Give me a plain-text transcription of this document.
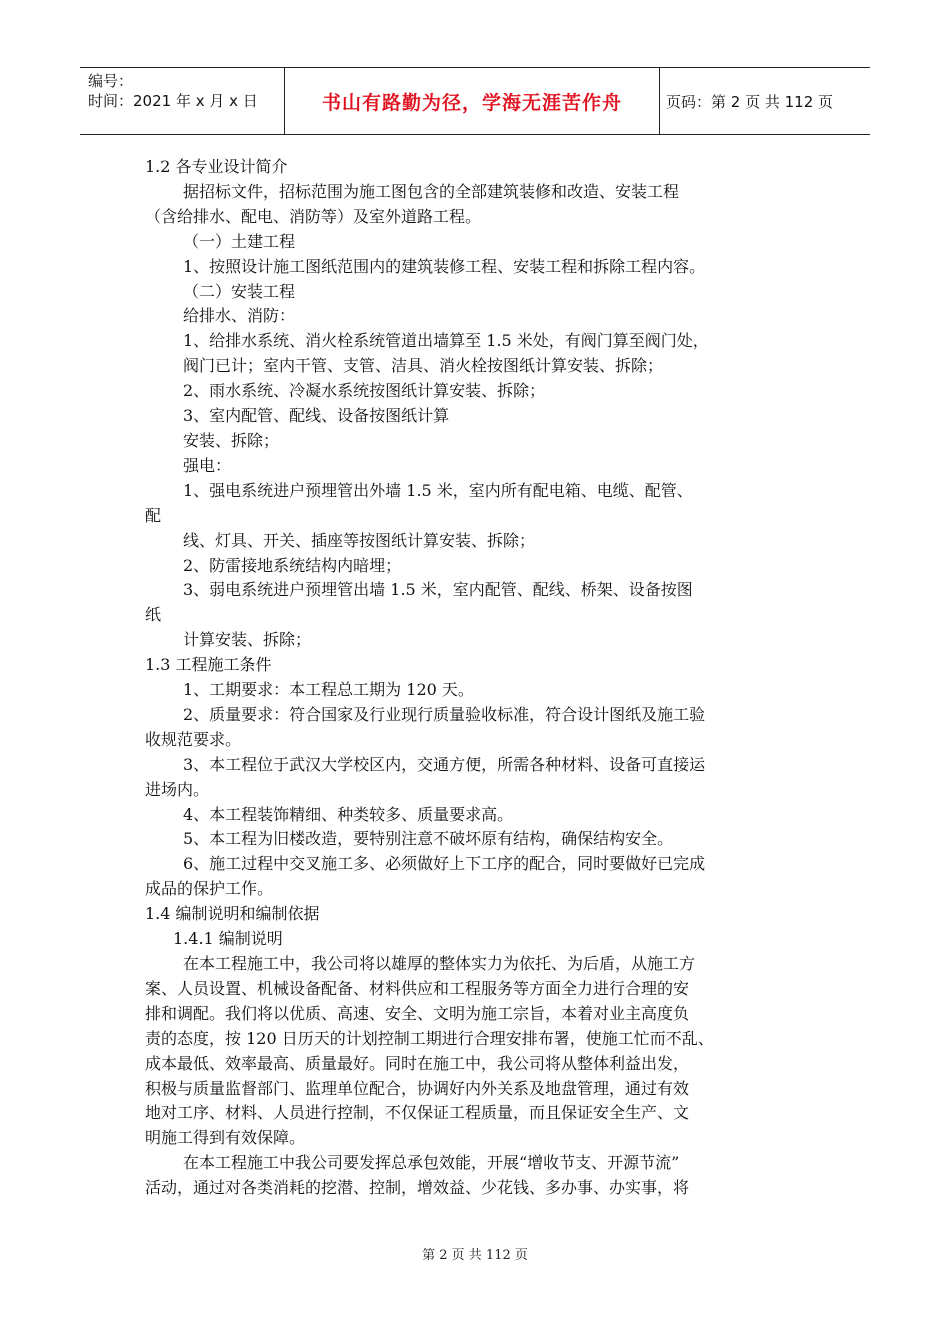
编号：
时间：2021 年 x 月 x 日	书山有路勤为径，学海无涯苦作舟	页码：第 2 页 共 112 页

1.2 各专业设计简介

据招标文件，招标范围为施工图包含的全部建筑装修和改造、安装工程

（含给排水、配电、消防等）及室外道路工程。

（一）土建工程

1、按照设计施工图纸范围内的建筑装修工程、安装工程和拆除工程内容。

（二）安装工程

给排水、消防：

1、给排水系统、消火栓系统管道出墙算至 1.5 米处，有阀门算至阀门处，

阀门已计；室内干管、支管、洁具、消火栓按图纸计算安装、拆除；

2、雨水系统、冷凝水系统按图纸计算安装、拆除；

3、室内配管、配线、设备按图纸计算

安装、拆除；

强电：

1、强电系统进户预埋管出外墙 1.5 米，室内所有配电箱、电缆、配管、

配

线、灯具、开关、插座等按图纸计算安装、拆除；

2、防雷接地系统结构内暗埋；

3、弱电系统进户预埋管出墙 1.5 米，室内配管、配线、桥架、设备按图

纸

计算安装、拆除；

1.3 工程施工条件

1、工期要求：本工程总工期为 120 天。

2、质量要求：符合国家及行业现行质量验收标准，符合设计图纸及施工验

收规范要求。

3、本工程位于武汉大学校区内，交通方便，所需各种材料、设备可直接运

进场内。

4、本工程装饰精细、种类较多、质量要求高。

5、本工程为旧楼改造，要特别注意不破坏原有结构，确保结构安全。

6、施工过程中交叉施工多、必须做好上下工序的配合，同时要做好已完成

成品的保护工作。

1.4 编制说明和编制依据

1.4.1 编制说明

在本工程施工中，我公司将以雄厚的整体实力为依托、为后盾，从施工方

案、人员设置、机械设备配备、材料供应和工程服务等方面全力进行合理的安

排和调配。我们将以优质、高速、安全、文明为施工宗旨，本着对业主高度负

责的态度，按 120 日历天的计划控制工期进行合理安排布署，使施工忙而不乱、

成本最低、效率最高、质量最好。同时在施工中，我公司将从整体利益出发，

积极与质量监督部门、监理单位配合，协调好内外关系及地盘管理，通过有效

地对工序、材料、人员进行控制，不仅保证工程质量，而且保证安全生产、文

明施工得到有效保障。

在本工程施工中我公司要发挥总承包效能，开展“增收节支、开源节流”

活动，通过对各类消耗的挖潜、控制，增效益、少花钱、多办事、办实事，将

第 2 页 共 112 页
